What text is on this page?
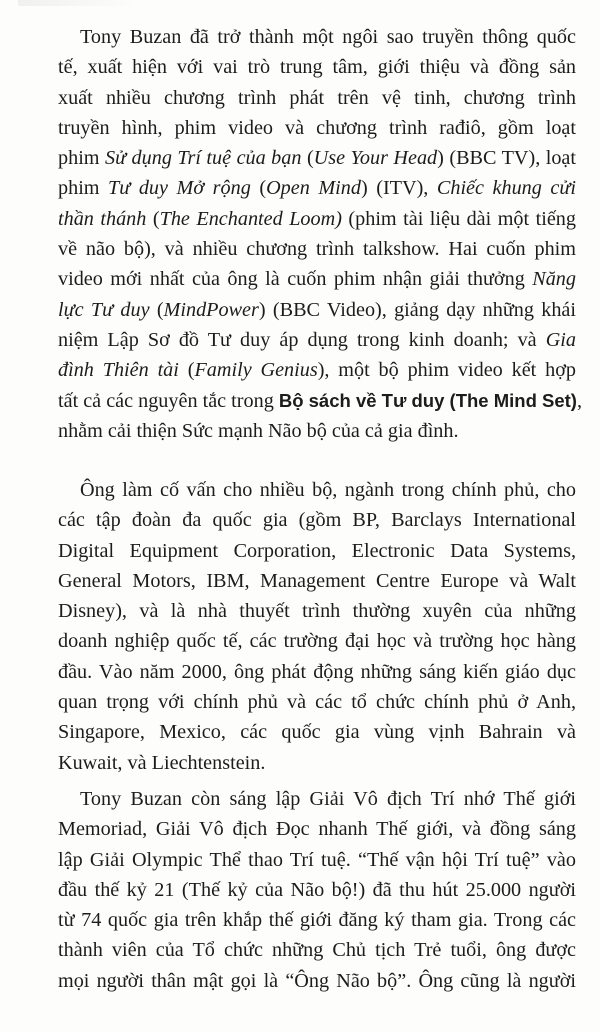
Tony Buzan đã trở thành một ngôi sao truyền thông quốc
tế, xuất hiện với vai trò trung tâm, giới thiệu và đồng sản
xuất nhiều chương trình phát trên vệ tinh, chương trình
truyền hình, phim video và chương trình rađiô, gồm loạt
phim Sử dụng Trí tuệ của bạn (Use Your Head) (BBC TV), loạt
phim Tư duy Mở rộng (Open Mind) (ITV), Chiếc khung cửi
thần thánh (The Enchanted Loom) (phim tài liệu dài một tiếng
về não bộ), và nhiều chương trình talkshow. Hai cuốn phim
video mới nhất của ông là cuốn phim nhận giải thưởng Năng
lực Tư duy (MindPower) (BBC Video), giảng dạy những khái
niệm Lập Sơ đồ Tư duy áp dụng trong kinh doanh; và Gia
đình Thiên tài (Family Genius), một bộ phim video kết hợp
tất cả các nguyên tắc trong Bộ sách về Tư duy (The Mind Set),
nhằm cải thiện Sức mạnh Não bộ của cả gia đình.

Ông làm cố vấn cho nhiều bộ, ngành trong chính phủ, cho
các tập đoàn đa quốc gia (gồm BP, Barclays International
Digital Equipment Corporation, Electronic Data Systems,
General Motors, IBM, Management Centre Europe và Walt
Disney), và là nhà thuyết trình thường xuyên của những
doanh nghiệp quốc tế, các trường đại học và trường học hàng
đầu. Vào năm 2000, ông phát động những sáng kiến giáo dục
quan trọng với chính phủ và các tổ chức chính phủ ở Anh,
Singapore, Mexico, các quốc gia vùng vịnh Bahrain và
Kuwait, và Liechtenstein.

Tony Buzan còn sáng lập Giải Vô địch Trí nhớ Thế giới
Memoriad, Giải Vô địch Đọc nhanh Thế giới, và đồng sáng
lập Giải Olympic Thể thao Trí tuệ. “Thế vận hội Trí tuệ” vào
đầu thế kỷ 21 (Thế kỷ của Não bộ!) đã thu hút 25.000 người
từ 74 quốc gia trên khắp thế giới đăng ký tham gia. Trong các
thành viên của Tổ chức những Chủ tịch Trẻ tuổi, ông được
mọi người thân mật gọi là “Ông Não bộ”. Ông cũng là người
